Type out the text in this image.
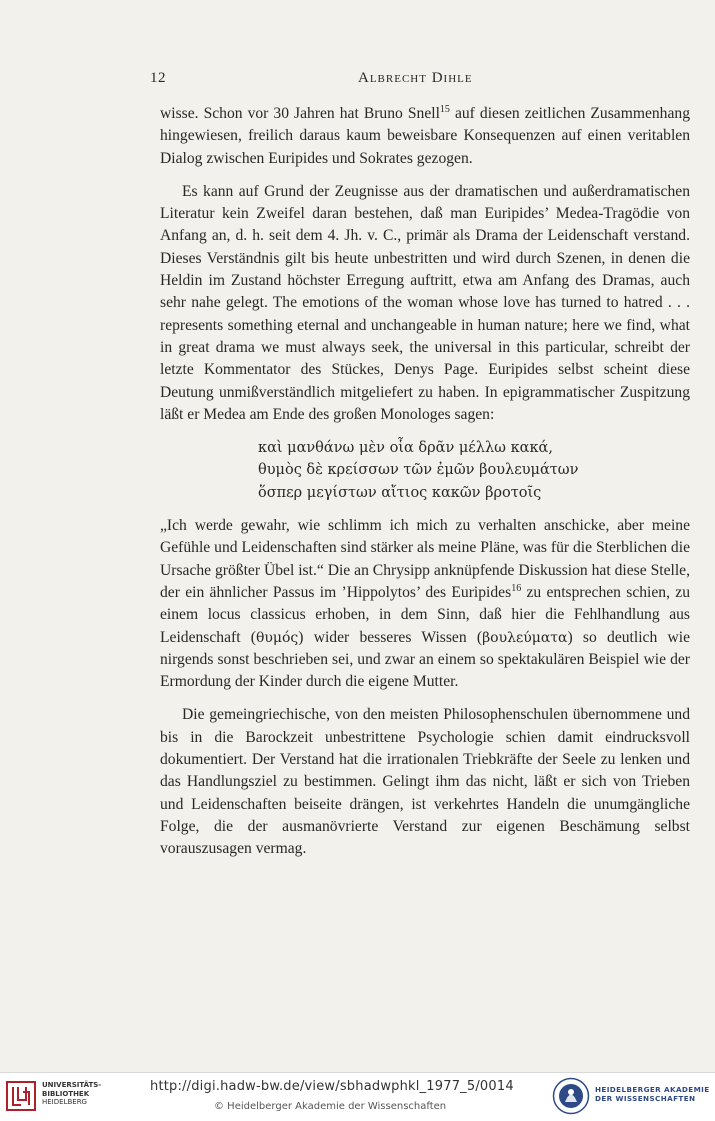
12	Albrecht Dihle

wisse. Schon vor 30 Jahren hat Bruno Snell$^{15}$ auf diesen zeitlichen Zusammenhang hingewiesen, freilich daraus kaum beweisbare Konsequenzen auf einen veritablen Dialog zwischen Euripides und Sokrates gezogen.

Es kann auf Grund der Zeugnisse aus der dramatischen und außerdramatischen Literatur kein Zweifel daran bestehen, daß man Euripides’ Medea-Tragödie von Anfang an, d. h. seit dem 4. Jh. v. C., primär als Drama der Leidenschaft verstand. Dieses Verständnis gilt bis heute unbestritten und wird durch Szenen, in denen die Heldin im Zustand höchster Erregung auftritt, etwa am Anfang des Dramas, auch sehr nahe gelegt. The emotions of the woman whose love has turned to hatred . . . represents something eternal and unchangeable in human nature; here we find, what in great drama we must always seek, the universal in this particular, schreibt der letzte Kommentator des Stückes, Denys Page. Euripides selbst scheint diese Deutung unmißverständlich mitgeliefert zu haben. In epigrammatischer Zuspitzung läßt er Medea am Ende des großen Monologes sagen:

καὶ μανθάνω μὲν οἷα δρᾶν μέλλω κακά,
θυμὸς δὲ κρείσσων τῶν ἐμῶν βουλευμάτων
ὅσπερ μεγίστων αἴτιος κακῶν βροτοῖς

„Ich werde gewahr, wie schlimm ich mich zu verhalten anschicke, aber meine Gefühle und Leidenschaften sind stärker als meine Pläne, was für die Sterblichen die Ursache größter Übel ist.“ Die an Chrysipp anknüpfende Diskussion hat diese Stelle, der ein ähnlicher Passus im ’Hippolytos’ des Euripides$^{16}$ zu entsprechen schien, zu einem locus classicus erhoben, in dem Sinn, daß hier die Fehlhandlung aus Leidenschaft (θυμός) wider besseres Wissen (βουλεύματα) so deutlich wie nirgends sonst beschrieben sei, und zwar an einem so spektakulären Beispiel wie der Ermordung der Kinder durch die eigene Mutter.

Die gemeingriechische, von den meisten Philosophenschulen übernommene und bis in die Barockzeit unbestrittene Psychologie schien damit eindrucksvoll dokumentiert. Der Verstand hat die irrationalen Triebkräfte der Seele zu lenken und das Handlungsziel zu bestimmen. Gelingt ihm das nicht, läßt er sich von Trieben und Leidenschaften beiseite drängen, ist verkehrtes Handeln die unumgängliche Folge, die der ausmanövrierte Verstand zur eigenen Beschämung selbst vorauszusagen vermag.

UNIVERSITÄTS-
BIBLIOTHEK
HEIDELBERG
http://digi.hadw-bw.de/view/sbhadwphkl_1977_5/0014
© Heidelberger Akademie der Wissenschaften
HEIDELBERGER AKADEMIE
DER WISSENSCHAFTEN
